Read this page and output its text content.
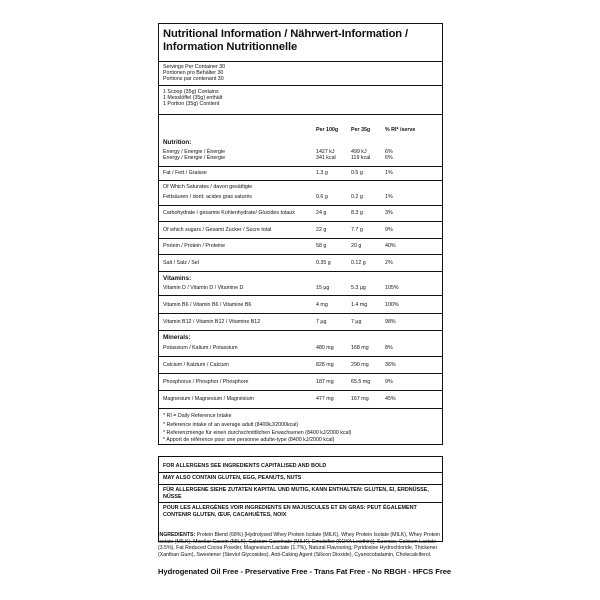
Nutritional Information / Nährwert-Information /
Information Nutritionnelle
Servings Per Container 30
Portionen pro Behälter 30
Portions par contenant 30
1 Scoop (35g) Contains
1 Messlöffel (35g) enthält
1 Portion (35g) Contient
Per 100g Per 35g	% RI* /serve
Nutrition:
Energy / Energie / Énergie	1427 kJ	499 kJ	6%
Energy / Energie / Énergie	341 kcal	119 kcal	6%
Fat / Fett / Graisse	1.3 g	0.5 g	1%
Of Which Saturates / davon gesättigte
Fettsäuren / dont: acides gras saturés	0.6 g	0.2 g	1%
Carbohydrate / gesamte Kohlenhydrate/ Glucides totaux	24 g	8.3 g	3%
Of which sugars / Gesamt Zucker / Sucre total	22 g	7.7 g	9%
Protein / Protein / Proteine	58 g	20 g	40%
Salt / Salz / Sel	0.35 g	0.12 g	2%
Vitamins:
Vitamin D / Vitamin D / Vitamine D	15 µg	5.3 µg	105%
Vitamin B6 / Vitamin B6 / Vitamine B6	4 mg	1.4 mg	100%
Vitamin B12 / Vitamin B12 / Vitamine B12	7 µg	7 µg	98%
Minerals:
Potassium / Kalium / Potassium	480 mg	168 mg	8%
Calcium / Kalzium / Calcium	828 mg	290 mg	36%
Phosphorus / Phosphor / Phosphore	187 mg	65.5 mg	9%
Magnesium / Magnesium / Magnésium	477 mg	167 mg	45%
* RI = Daily Reference Intake
* Reference intake of an average adult (8400kJ/2000kcal)
* Referenzmenge für einen durchschnittlichen Erwachsenen (8400 kJ/2000 kcal)
* Apport de référence pour une personne adulte-type (8400 kJ/2000 kcal)
FOR ALLERGENS SEE INGREDIENTS CAPITALISED AND BOLD
MAY ALSO CONTAIN GLUTEN, EGG, PEANUTS, NUTS
FÜR ALLERGENE SIEHE ZUTATEN KAPITAL UND MUTIG, KANN ENTHALTEN: GLUTEN, EI, ERDNÜSSE, NÜSSE
POUR LES ALLERGÈNES VOIR INGREDIENTS EN MAJUSCULES ET EN GRAS: PEUT ÉGALEMENT CONTENIR GLUTEN, ŒUF, CACAHUÈTES, NOIX
INGREDIENTS: Protein Blend (68%) [Hydrolysed Whey Protein Isolate (MILK), Whey Protein Isolate (MILK), Whey Protein Isolate (MILK), Micellar Casein (MILK), Calcium Caseinate (MILK), Emulsifier (SOYA Lecithin)], Sucrose, Calcium Lactate (3.5%), Fat Reduced Cocoa Powder, Magnesium Lactate (1.7%), Natural Flavouring, Pyridoxine Hydrochloride, Thickener (Xanthan Gum), Sweetener (Steviol Glycosides), Anti-Caking Agent (Silicon Dioxide), Cyanocobalamin, Cholecalciferol.
Hydrogenated Oil Free - Preservative Free - Trans Fat Free - No RBGH - HFCS Free
